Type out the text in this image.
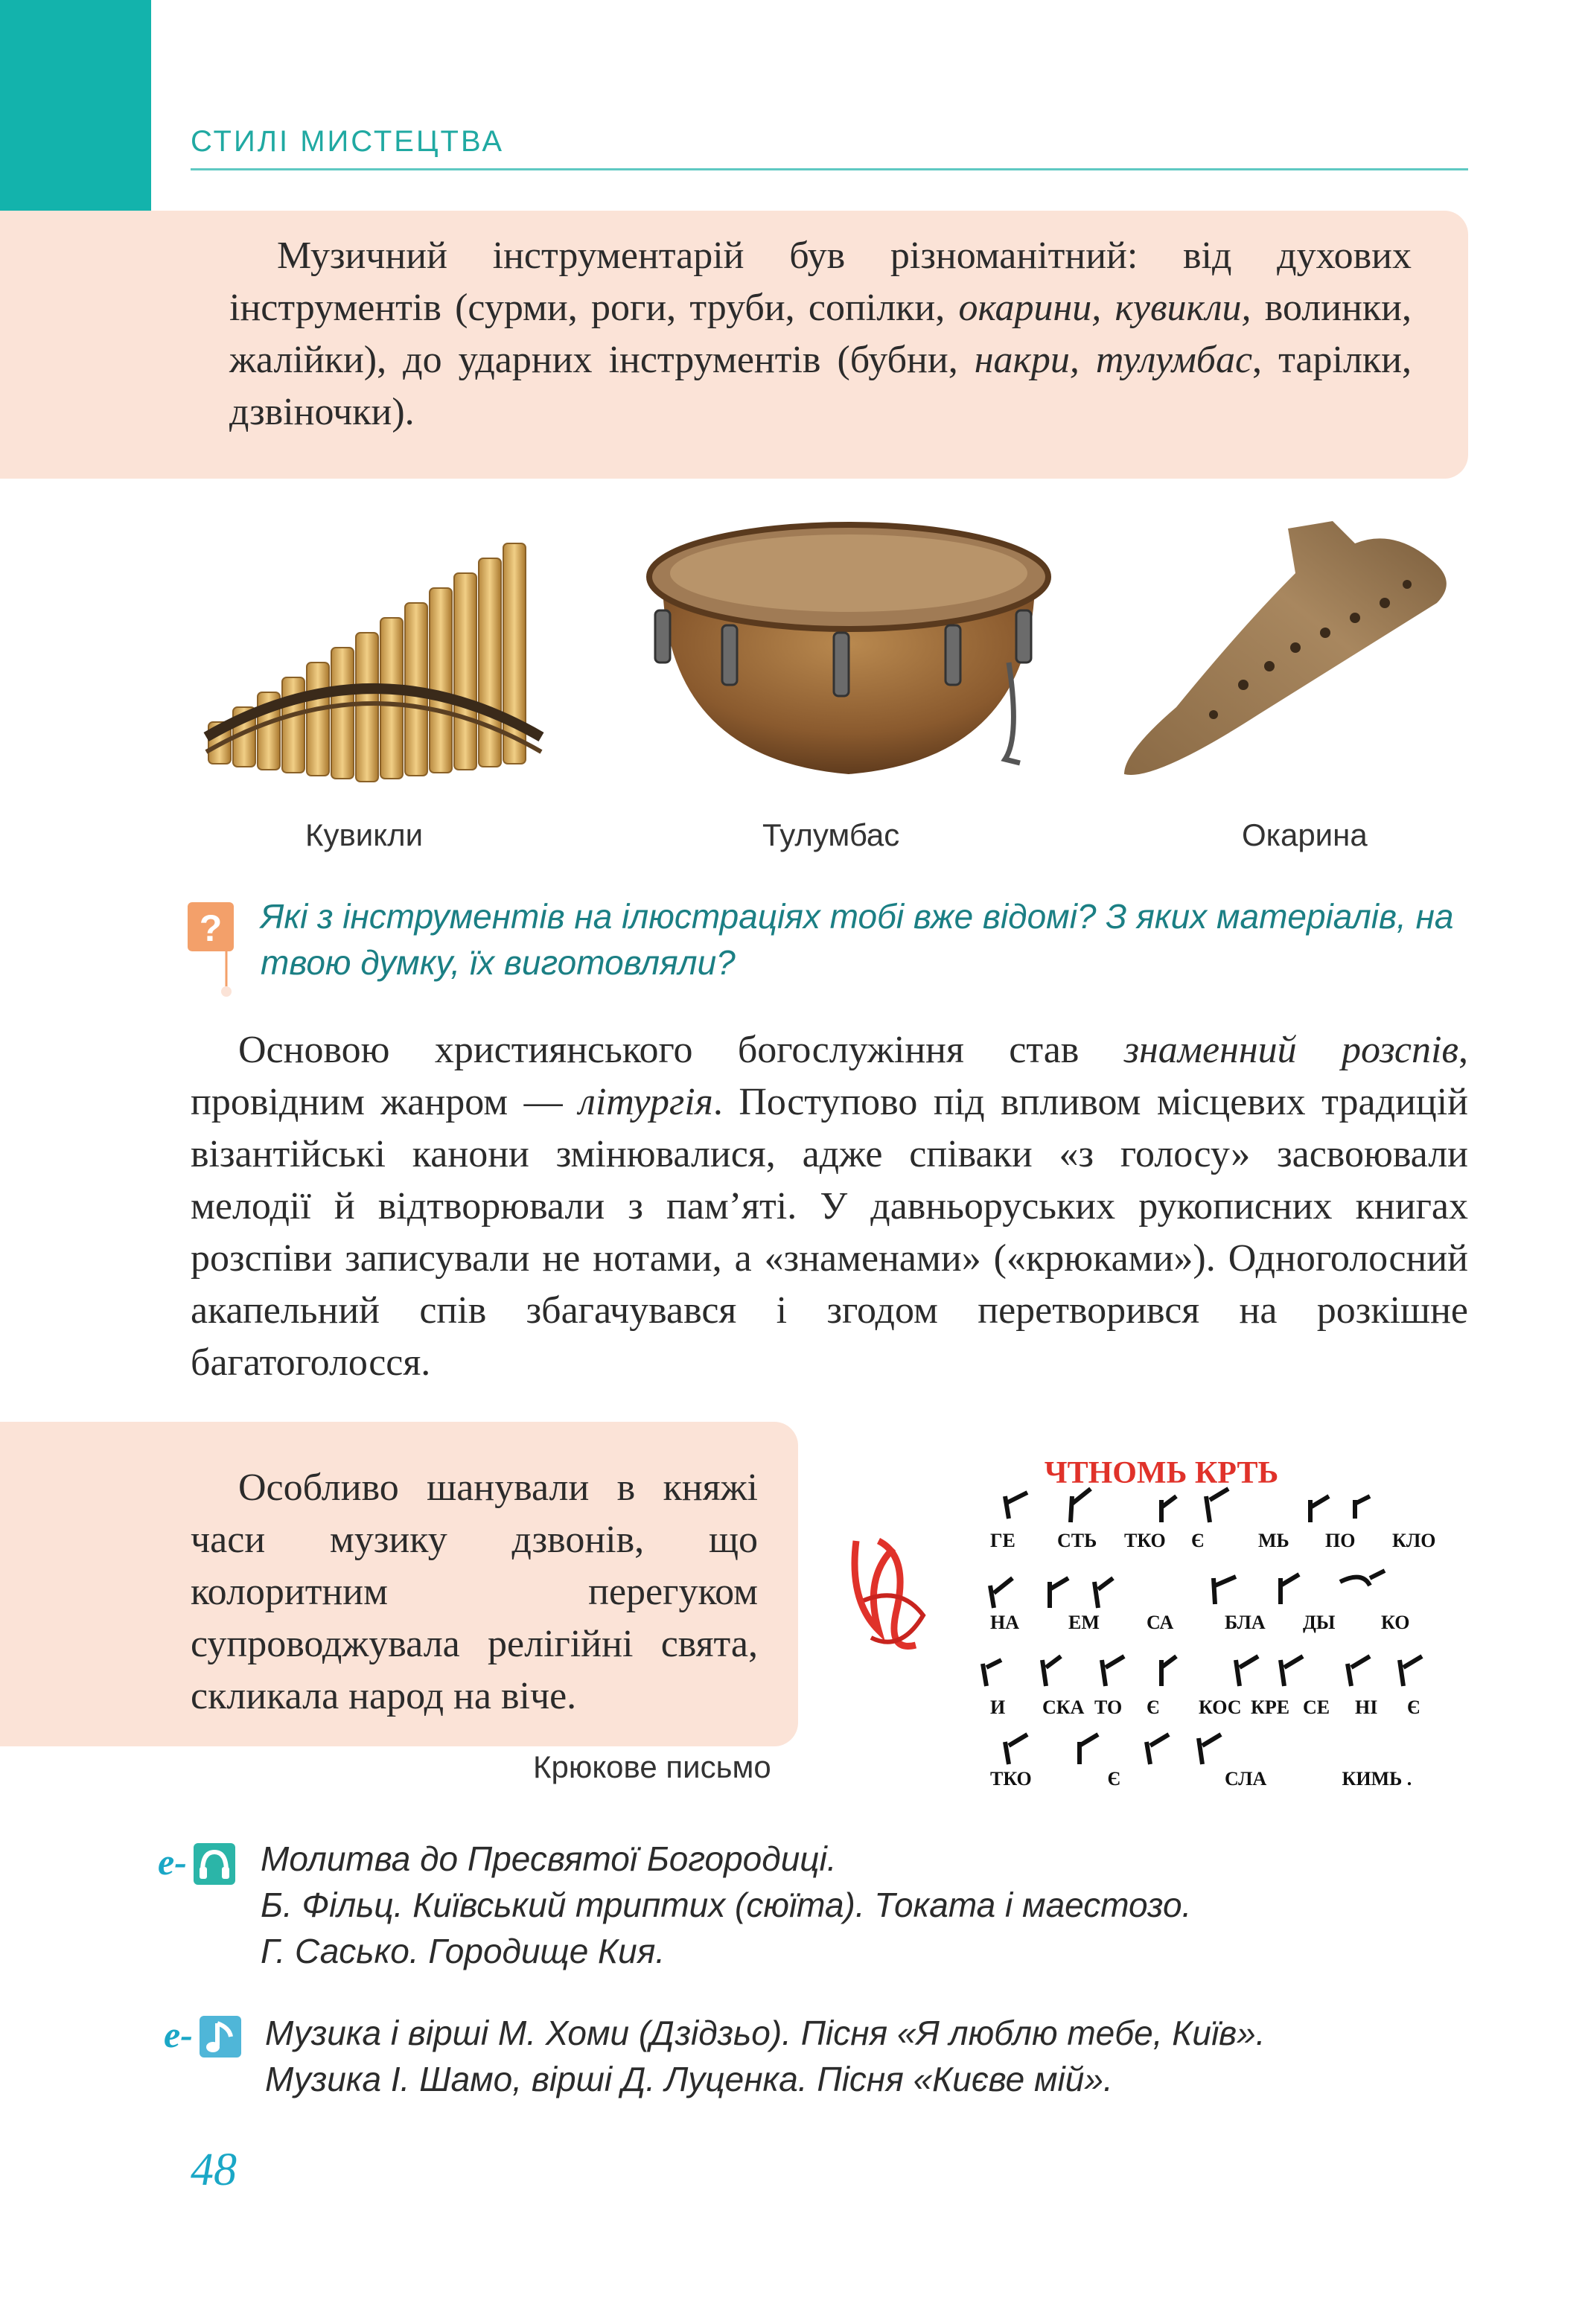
СТИЛІ МИСТЕЦТВА

Музичний інструментарій був різноманітний: від духових інструментів (сурми, роги, труби, сопілки, окарини, кувикли, волинки, жалійки), до ударних інструментів (бубни, накри, тулумбас, тарілки, дзвіночки).

Кувикли	Тулумбас	Окарина
? Які з інструментів на ілюстраціях тобі вже відомі? З яких матеріалів, на твою думку, їх виготовляли?

Основою християнського богослужіння став знаменний розспів, провідним жанром — літургія. Поступово під впливом місцевих традицій візантійські канони змінювалися, адже співаки «з голосу» засвоювали мелодії й відтворювали з пам’яті. У давньоруських рукописних книгах розспіви записували не нотами, а «знаменами» («крюками»). Одноголосний акапельний спів збагачувався і згодом перетворився на розкішне багатоголосся.

Особливо шанували в княжі часи музику дзвонів, що колоритним перегуком супроводжувала релігійні свята, скликала народ на віче.

ЧТНОМЬ КРТЬ
ГЕ СТЬ ТКО Є	МЬ ПО КЛО
НА	ЕМ СА	БЛА ДЫ КО
И СКА ТО Є КОС КРЕ СЕ НІ Є
ТКО	Є	СЛА	КИМЬ .
Крюкове письмо
e- Молитва до Пресвятої Богородиці.
Б. Фільц. Київський триптих (сюїта). Токата і маестозо.
Г. Сасько. Городище Кия.
e- Музика і вірші М. Хоми (Дзідзьо). Пісня «Я люблю тебе, Київ».
Музика І. Шамо, вірші Д. Луценка. Пісня «Києве мій».
48
